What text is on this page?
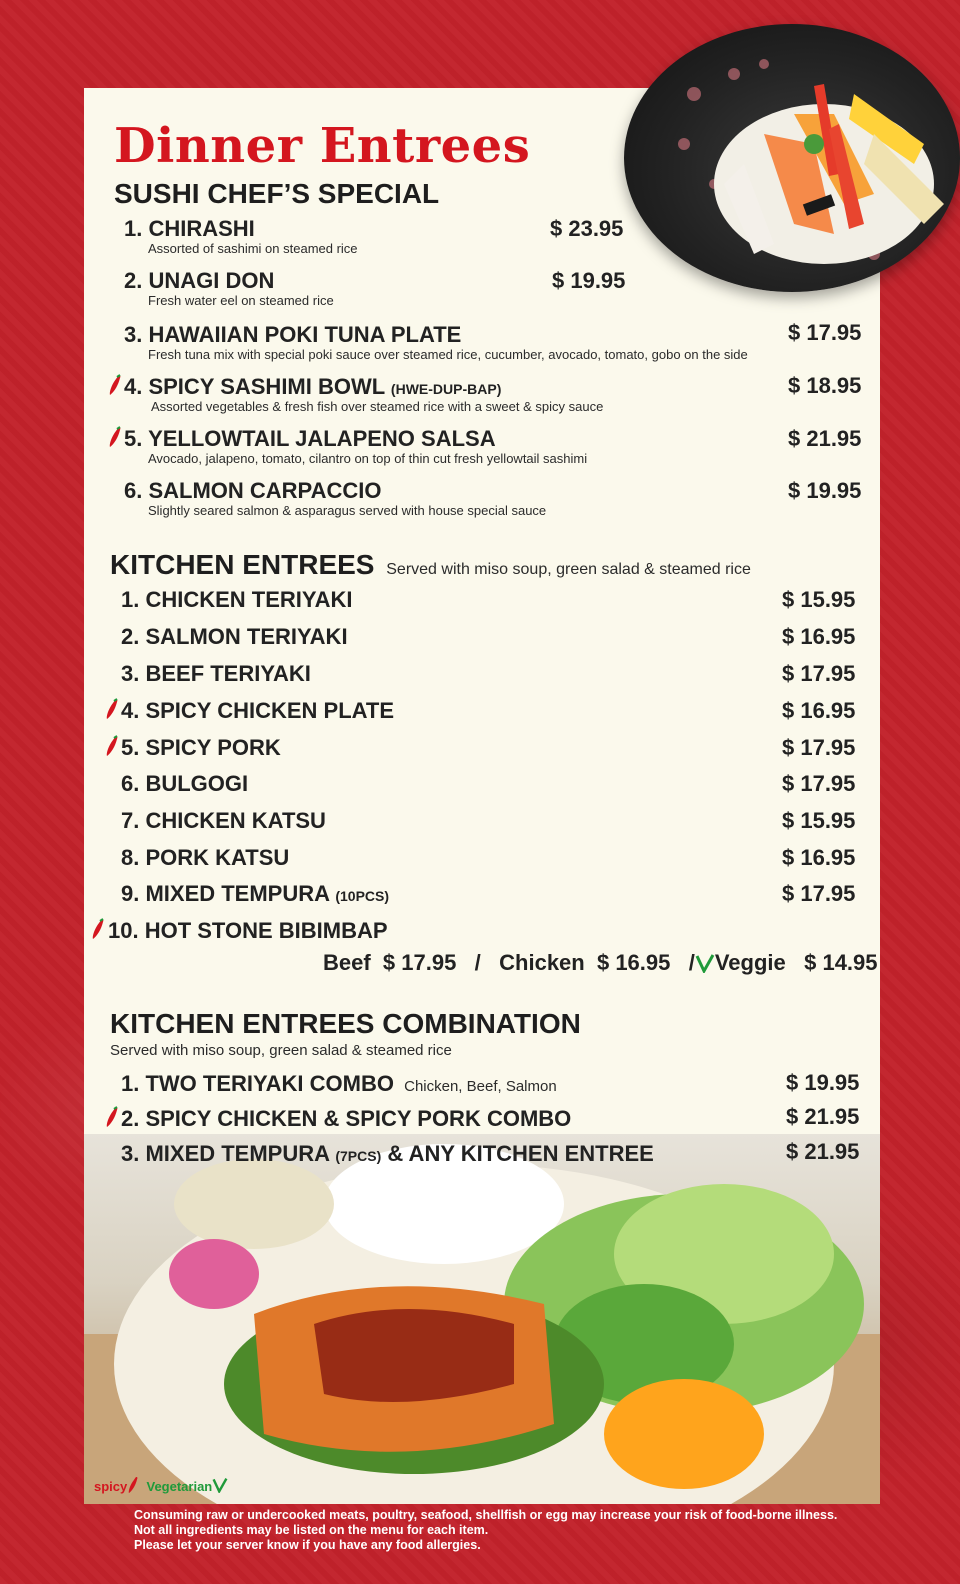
Dinner Entrees
SUSHI CHEF’S SPECIAL
1. CHIRASHI
Assorted of sashimi on steamed rice
$ 23.95
2. UNAGI DON
Fresh water eel on steamed rice
$ 19.95
3. HAWAIIAN POKI TUNA PLATE
Fresh tuna mix with special poki sauce over steamed rice, cucumber, avocado, tomato, gobo on the side
$ 17.95
4. SPICY SASHIMI BOWL (HWE-DUP-BAP)
Assorted vegetables & fresh fish over steamed rice with a sweet & spicy sauce
$ 18.95
5. YELLOWTAIL JALAPENO SALSA
Avocado, jalapeno, tomato, cilantro on top of thin cut fresh yellowtail sashimi
$ 21.95
6. SALMON CARPACCIO
Slightly seared salmon & asparagus served with house special sauce
$ 19.95
KITCHEN ENTREES Served with miso soup, green salad & steamed rice
1. CHICKEN TERIYAKI	$ 15.95
2. SALMON TERIYAKI	$ 16.95
3. BEEF TERIYAKI	$ 17.95
4. SPICY CHICKEN PLATE	$ 16.95
5. SPICY PORK	$ 17.95
6. BULGOGI	$ 17.95
7. CHICKEN KATSU	$ 15.95
8. PORK KATSU	$ 16.95
9. MIXED TEMPURA (10PCS)	$ 17.95
10. HOT STONE BIBIMBAP
Beef $ 17.95 / Chicken $ 16.95 / Veggie $ 14.95
KITCHEN ENTREES COMBINATION
Served with miso soup, green salad & steamed rice
1. TWO TERIYAKI COMBO Chicken, Beef, Salmon	$ 19.95
2. SPICY CHICKEN & SPICY PORK COMBO	$ 21.95
3. MIXED TEMPURA (7PCS) & ANY KITCHEN ENTREE	$ 21.95
spicy Vegetarian
Consuming raw or undercooked meats, poultry, seafood, shellfish or egg may increase your risk of food-borne illness.
Not all ingredients may be listed on the menu for each item.
Please let your server know if you have any food allergies.
